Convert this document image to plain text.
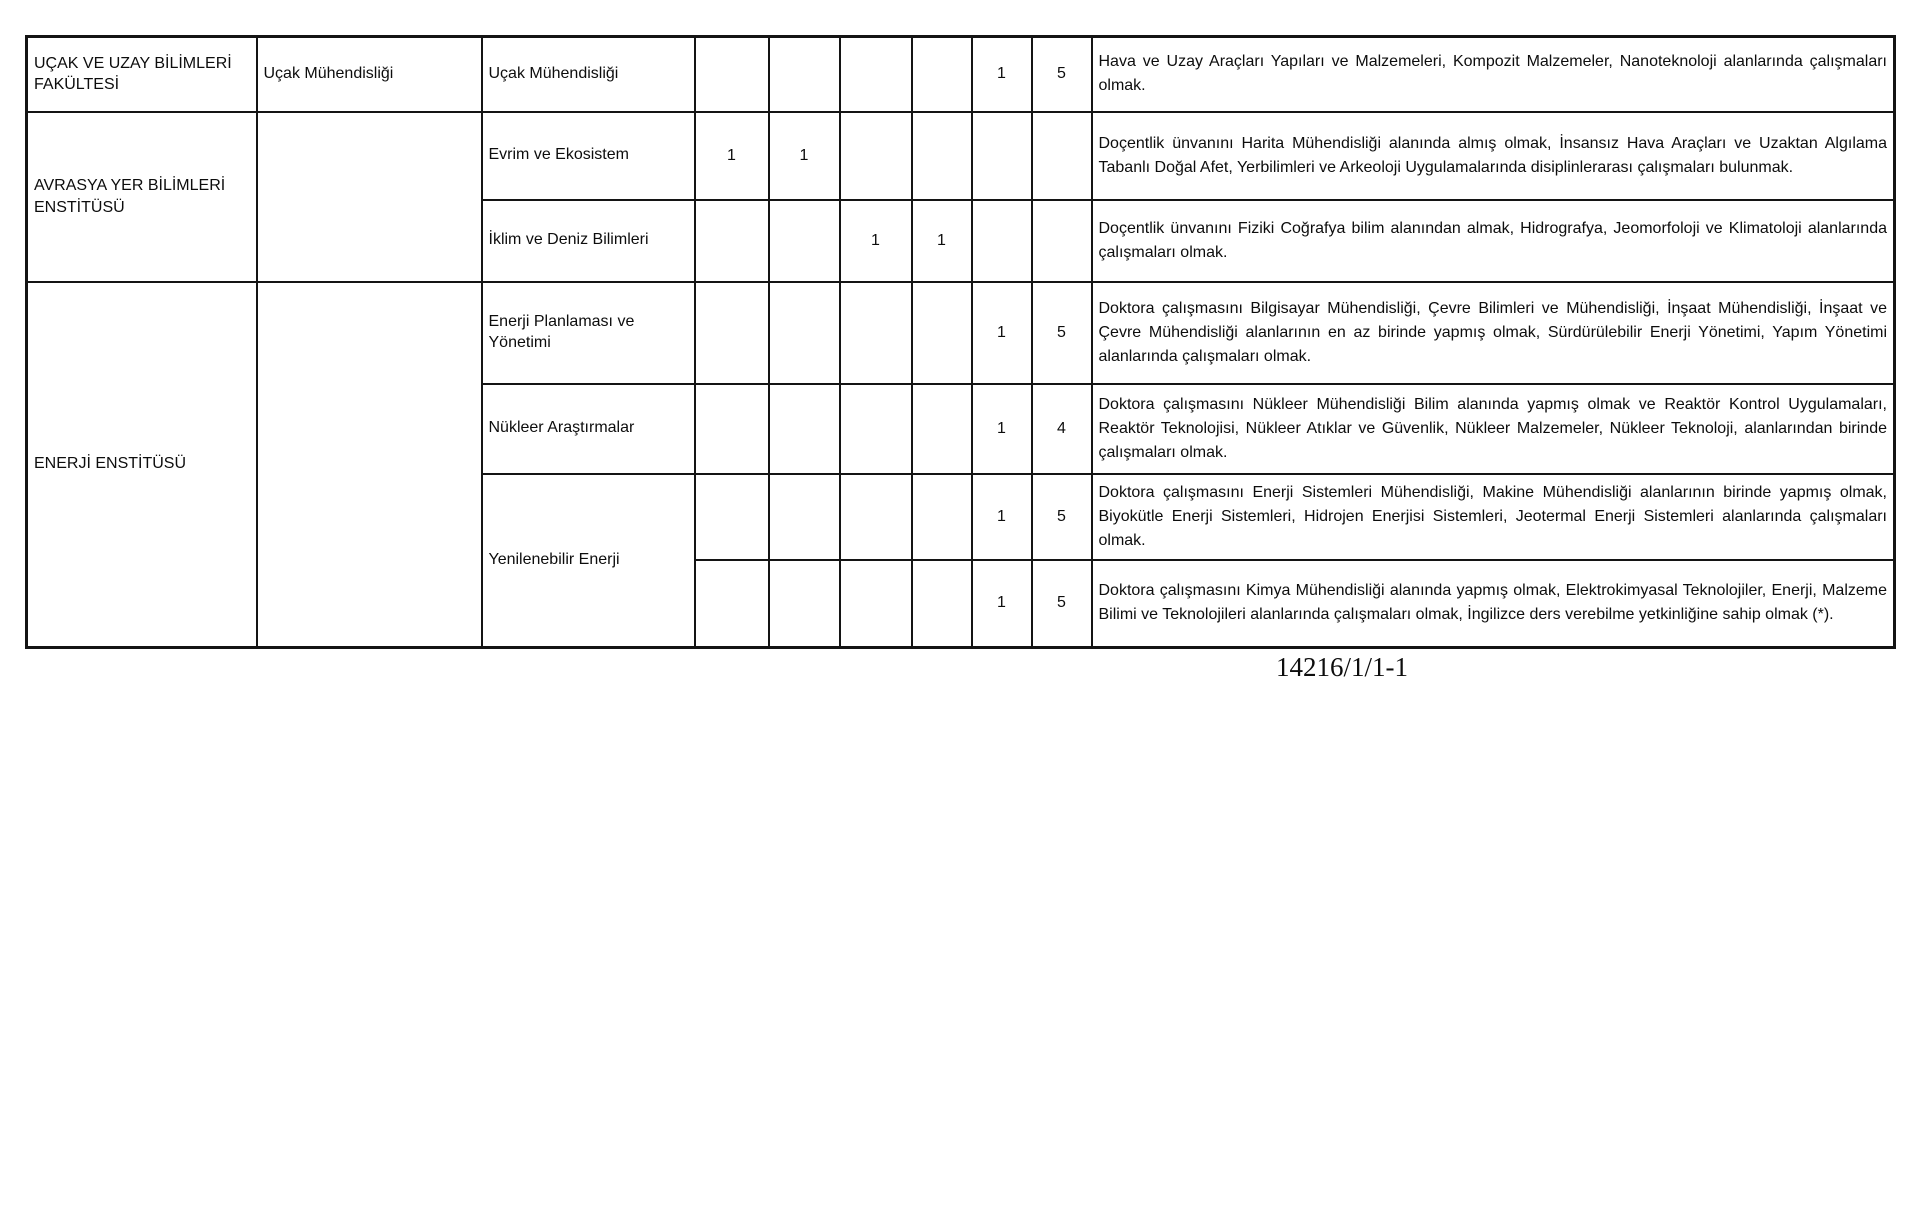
UÇAK VE UZAY BİLİMLERİ FAKÜLTESİ	Uçak Mühendisliği	Uçak Mühendisliği					1	5	Hava ve Uzay Araçları Yapıları ve Malzemeleri, Kompozit Malzemeler, Nanoteknoloji alanlarında çalışmaları olmak.
AVRASYA YER BİLİMLERİ ENSTİTÜSÜ		Evrim ve Ekosistem	1	1					Doçentlik ünvanını Harita Mühendisliği alanında almış olmak, İnsansız Hava Araçları ve Uzaktan Algılama Tabanlı Doğal Afet, Yerbilimleri ve Arkeoloji Uygulamalarında disiplinlerarası çalışmaları bulunmak.
		İklim ve Deniz Bilimleri			1	1			Doçentlik ünvanını Fiziki Coğrafya bilim alanından almak, Hidrografya, Jeomorfoloji ve Klimatoloji alanlarında çalışmaları olmak.
ENERJİ ENSTİTÜSÜ		Enerji Planlaması ve Yönetimi					1	5	Doktora çalışmasını Bilgisayar Mühendisliği, Çevre Bilimleri ve Mühendisliği, İnşaat Mühendisliği, İnşaat ve Çevre Mühendisliği alanlarının en az birinde yapmış olmak, Sürdürülebilir Enerji Yönetimi, Yapım Yönetimi alanlarında çalışmaları olmak.
		Nükleer Araştırmalar					1	4	Doktora çalışmasını Nükleer Mühendisliği Bilim alanında yapmış olmak ve Reaktör Kontrol Uygulamaları, Reaktör Teknolojisi, Nükleer Atıklar ve Güvenlik, Nükleer Malzemeler, Nükleer Teknoloji, alanlarından birinde çalışmaları olmak.
		Yenilenebilir Enerji					1	5	Doktora çalışmasını Enerji Sistemleri Mühendisliği, Makine Mühendisliği alanlarının birinde yapmış olmak, Biyokütle Enerji Sistemleri, Hidrojen Enerjisi Sistemleri, Jeotermal Enerji Sistemleri alanlarında çalışmaları olmak.
							1	5	Doktora çalışmasını Kimya Mühendisliği alanında yapmış olmak, Elektrokimyasal Teknolojiler, Enerji, Malzeme Bilimi ve Teknolojileri alanlarında çalışmaları olmak, İngilizce ders verebilme yetkinliğine sahip olmak (*).
14216/1/1-1
